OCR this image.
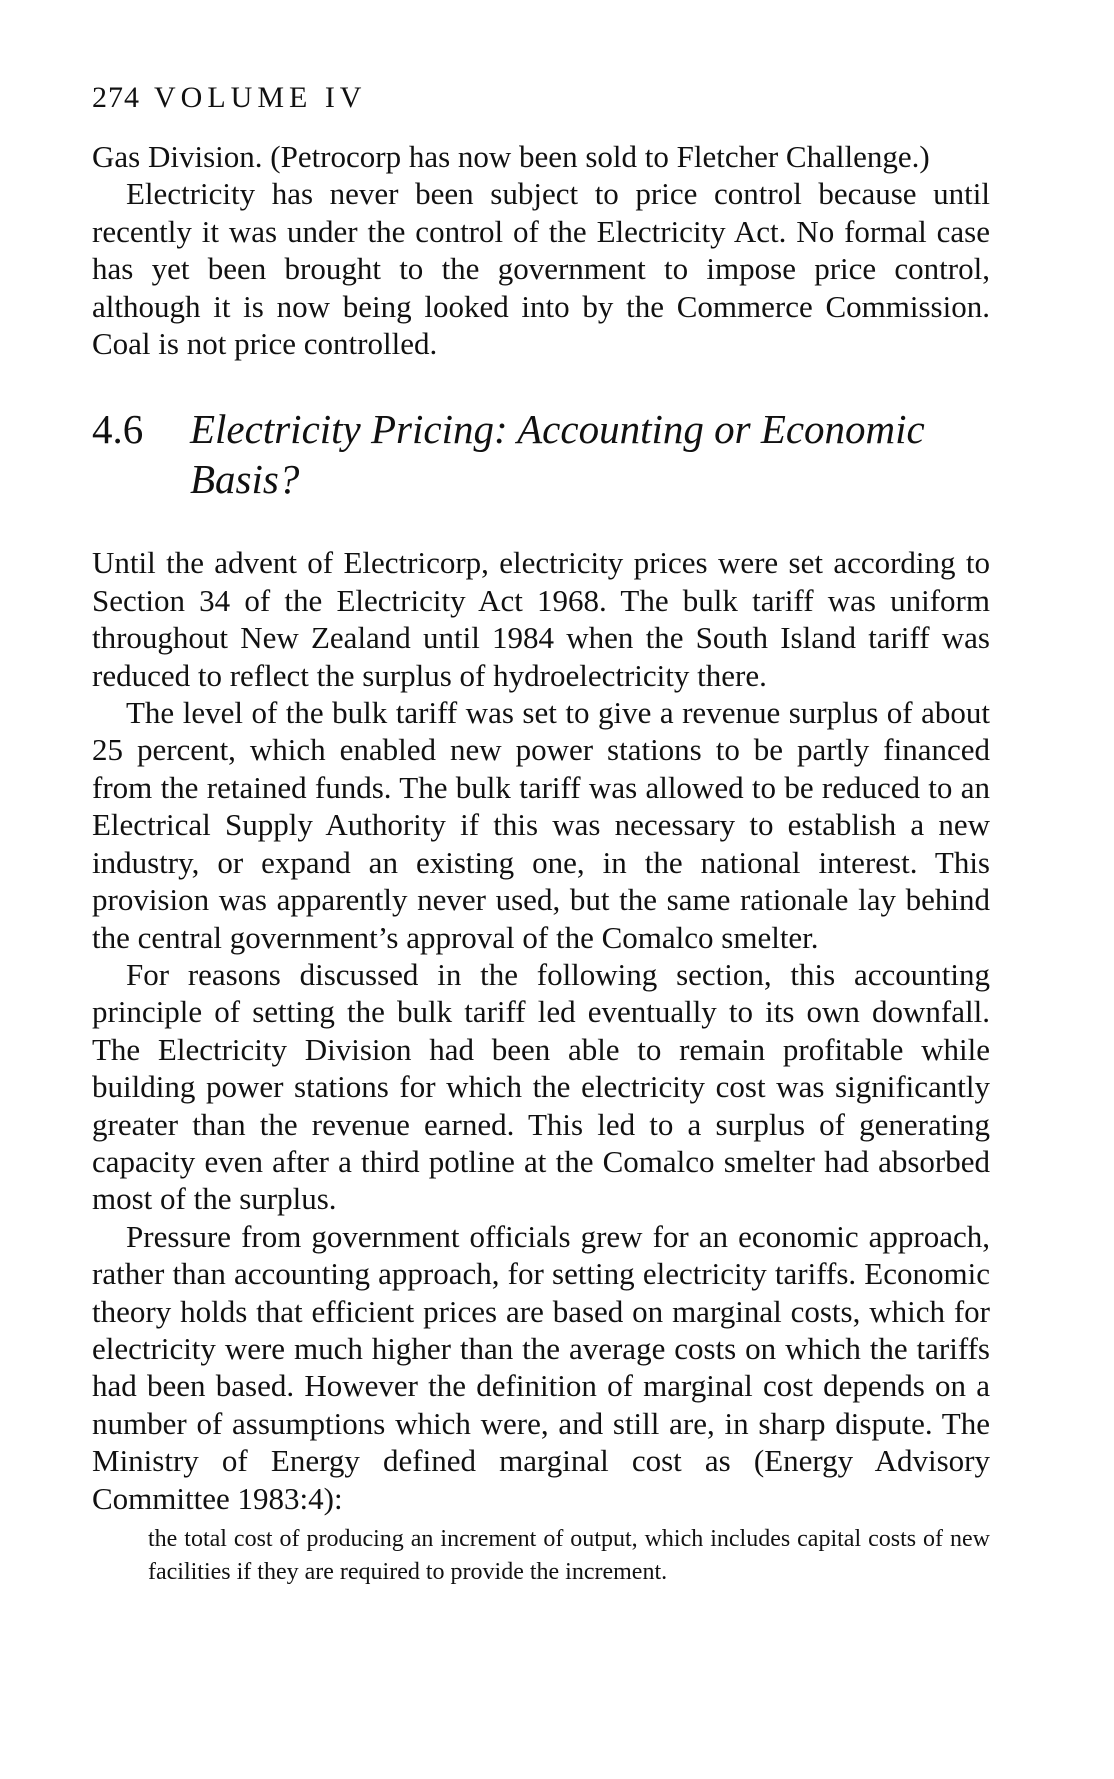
274 VOLUME IV

Gas Division. (Petrocorp has now been sold to Fletcher Challenge.)

Electricity has never been subject to price control because until recently it was under the control of the Electricity Act. No formal case has yet been brought to the government to impose price control, although it is now being looked into by the Commerce Commission. Coal is not price controlled.

4.6	Electricity Pricing: Accounting or Economic Basis?

Until the advent of Electricorp, electricity prices were set according to Section 34 of the Electricity Act 1968. The bulk tariff was uniform throughout New Zealand until 1984 when the South Island tariff was reduced to reflect the surplus of hydroelectricity there.

The level of the bulk tariff was set to give a revenue surplus of about 25 percent, which enabled new power stations to be partly financed from the retained funds. The bulk tariff was allowed to be reduced to an Electrical Supply Authority if this was necessary to establish a new industry, or expand an existing one, in the national interest. This provision was apparently never used, but the same rationale lay behind the central government’s approval of the Comalco smelter.

For reasons discussed in the following section, this accounting principle of setting the bulk tariff led eventually to its own downfall. The Electricity Division had been able to remain profitable while building power stations for which the electricity cost was significantly greater than the revenue earned. This led to a surplus of generating capacity even after a third potline at the Comalco smelter had absorbed most of the surplus.

Pressure from government officials grew for an economic approach, rather than accounting approach, for setting electricity tariffs. Economic theory holds that efficient prices are based on marginal costs, which for electricity were much higher than the average costs on which the tariffs had been based. However the definition of marginal cost depends on a number of assumptions which were, and still are, in sharp dispute. The Ministry of Energy defined marginal cost as (Energy Advisory Committee 1983:4):

the total cost of producing an increment of output, which includes capital costs of new facilities if they are required to provide the increment.
